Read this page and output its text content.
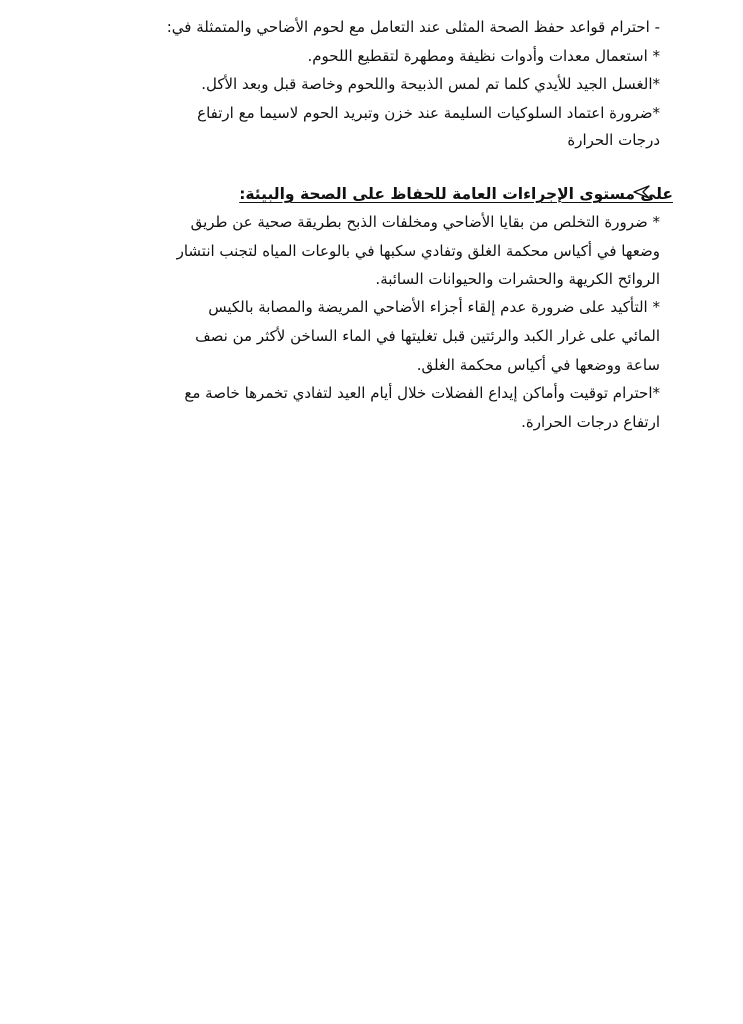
- احترام قواعد حفظ الصحة المثلى عند التعامل مع لحوم الأضاحي والمتمثلة في:
* استعمال معدات وأدوات نظيفة ومطهرة لتقطيع اللحوم.
*الغسل الجيد للأيدي كلما تم لمس الذبيحة واللحوم وخاصة قبل وبعد الأكل.
*ضرورة اعتماد السلوكيات السليمة عند خزن وتبريد الحوم لاسيما مع ارتفاع
درجات الحرارة
على مستوى الإجراءات العامة للحفاظ على الصحة والبيئة:
* ضرورة التخلص من بقايا الأضاحي ومخلفات الذبح بطريقة صحية عن طريق
وضعها في أكياس محكمة الغلق وتفادي سكبها في بالوعات المياه لتجنب انتشار
الروائح الكريهة والحشرات والحيوانات السائبة.
* التأكيد على ضرورة عدم إلقاء أجزاء الأضاحي المريضة والمصابة بالكيس
المائي على غرار الكبد والرئتين قبل تغليتها في الماء الساخن لأكثر من نصف
ساعة ووضعها في أكياس محكمة الغلق.
*احترام توقيت وأماكن إيداع الفضلات خلال أيام العيد لتفادي تخمرها خاصة مع
ارتفاع درجات الحرارة.
